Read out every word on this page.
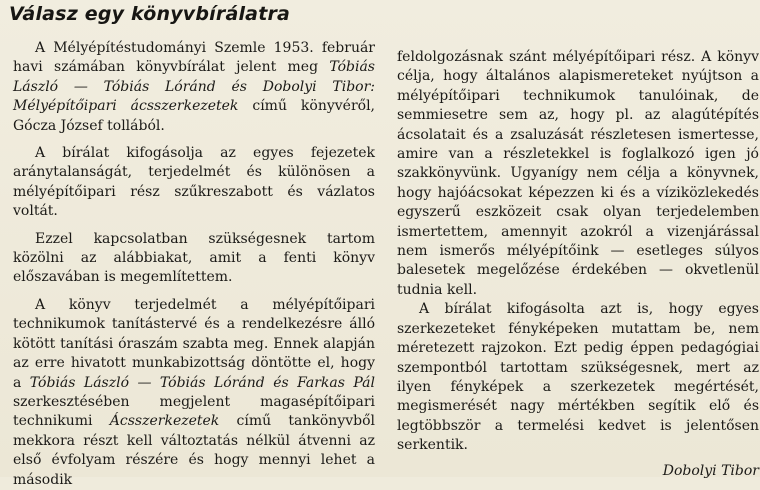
Válasz egy könyvbírálatra

A Mélyépítéstudományi Szemle 1953. február havi számában könyvbírálat jelent meg Tóbiás László — Tóbiás Lóránd és Dobolyi Tibor: Mélyépítőipari ácsszerkezetek című könyvéről, Gócza József tollából.

A bírálat kifogásolja az egyes fejezetek aránytalanságát, terjedelmét és különösen a mélyépítőipari rész szűkreszabott és vázlatos voltát.

Ezzel kapcsolatban szükségesnek tartom közölni az alábbiakat, amit a fenti könyv előszavában is megemlítettem.

A könyv terjedelmét a mélyépítőipari technikumok tanítástervé és a rendelkezésre álló kötött tanítási óraszám szabta meg. Ennek alapján az erre hivatott munkabizottság döntötte el, hogy a Tóbiás László — Tóbiás Lóránd és Farkas Pál szerkesztésében megjelent magasépítőipari technikumi Ácsszerkezetek című tankönyvből mekkora részt kell változtatás nélkül átvenni az első évfolyam részére és hogy mennyi lehet a második

feldolgozásnak szánt mélyépítőipari rész. A könyv célja, hogy általános alapismereteket nyújtson a mélyépítőipari technikumok tanulóinak, de semmiesetre sem az, hogy pl. az alagútépítés ácsolatait és a zsaluzását részletesen ismertesse, amire van a részletekkel is foglalkozó igen jó szakkönyvünk. Ugyanígy nem célja a könyvnek, hogy hajóácsokat képezzen ki és a víziközlekedés egyszerű eszközeit csak olyan terjedelemben ismertettem, amennyit azokról a vizenjárással nem ismerős mélyépítőink — esetleges súlyos balesetek megelőzése érdekében — okvetlenül tudnia kell.

A bírálat kifogásolta azt is, hogy egyes szerkezeteket fényképeken mutattam be, nem méretezett rajzokon. Ezt pedig éppen pedagógiai szempontból tartottam szükségesnek, mert az ilyen fényképek a szerkezetek megértését, megismerését nagy mértékben segítik elő és legtöbbször a termelési kedvet is jelentősen serkentik.

Dobolyi Tibor
